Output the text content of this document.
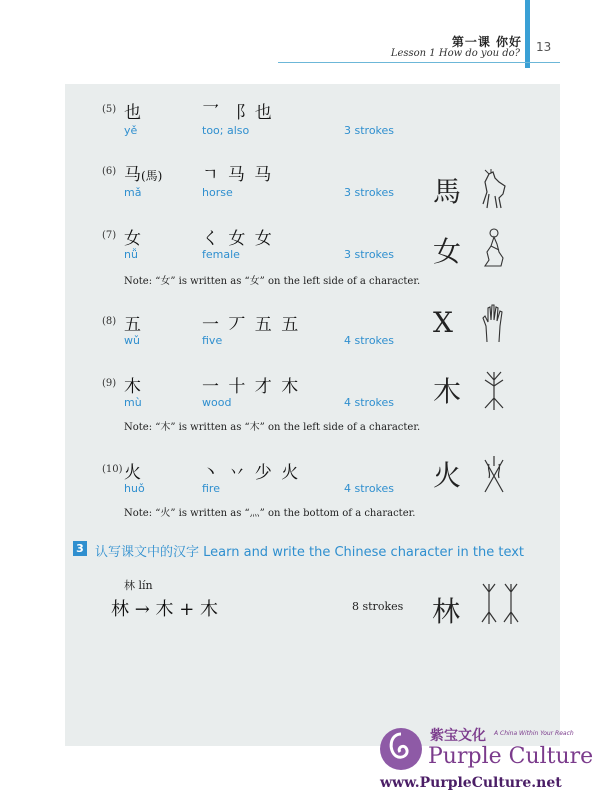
第一课 你好
Lesson 1 How do you do? 13
(5) 也	⺂ ⻏ 也
yě	too; also	3 strokes
(6) 马(馬) ㄱ 马 马
mǎ	horse	3 strokes 馬
(7) 女	く 女 女
nǚ	female	3 strokes
Note: “女” is written as “女” on the left side of a character.
女
(8) 五	一 丆 五 五
wǔ	five	4 strokes
X
(9) 木	一 十 才 木
mù	wood	4 strokes
Note: “木” is written as “木” on the left side of a character.
木
(10) 火	丶 丷 少 火
huǒ	fire	4 strokes
Note: “火” is written as “灬” on the bottom of a character.
火
3 认写课文中的汉字 Learn and write the Chinese character in the text
林 lín
林 → 木 + 木	8 strokes 林
紫宝文化 A China Within Your Reach
Purple Culture
www.PurpleCulture.net
